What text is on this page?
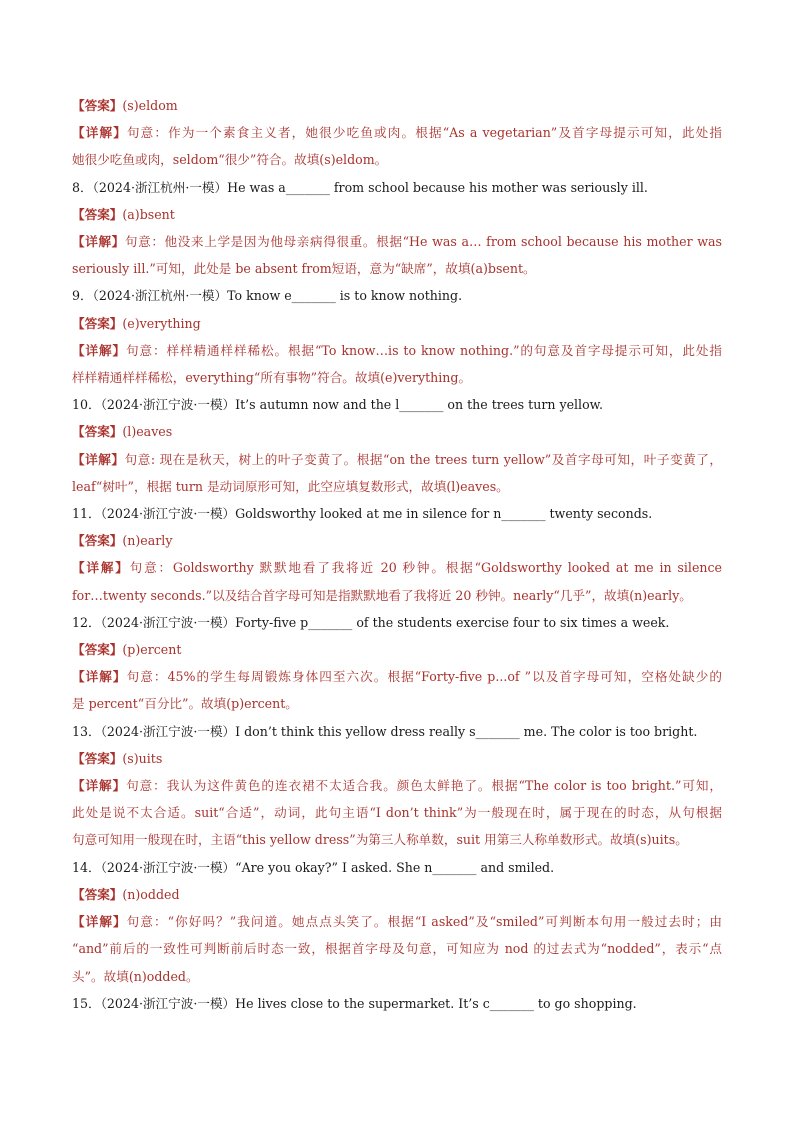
【答案】(s)eldom
【详解】句意：作为一个素食主义者，她很少吃鱼或肉。根据“As a vegetarian”及首字母提示可知，此处指
她很少吃鱼或肉，seldom“很少”符合。故填(s)eldom。
8．（2024·浙江杭州·一模）He was a_______ from school because his mother was seriously ill.
【答案】(a)bsent
【详解】句意：他没来上学是因为他母亲病得很重。根据“He was a… from school because his mother was
seriously ill.”可知，此处是 be absent from短语，意为“缺席”，故填(a)bsent。
9．（2024·浙江杭州·一模）To know e_______ is to know nothing.
【答案】(e)verything
【详解】句意：样样精通样样稀松。根据“To know…is to know nothing.”的句意及首字母提示可知，此处指
样样精通样样稀松，everything“所有事物”符合。故填(e)verything。
10．（2024·浙江宁波·一模）It’s autumn now and the l_______ on the trees turn yellow.
【答案】(l)eaves
【详解】句意: 现在是秋天，树上的叶子变黄了。根据“on the trees turn yellow”及首字母可知，叶子变黄了，
leaf“树叶”，根据 turn 是动词原形可知，此空应填复数形式，故填(l)eaves。
11．（2024·浙江宁波·一模）Goldsworthy looked at me in silence for n_______ twenty seconds.
【答案】(n)early
【详解】句意：Goldsworthy 默默地看了我将近 20 秒钟。根据“Goldsworthy looked at me in silence
for…twenty seconds.”以及结合首字母可知是指默默地看了我将近 20 秒钟。nearly“几乎”，故填(n)early。
12．（2024·浙江宁波·一模）Forty-five p_______ of the students exercise four to six times a week.
【答案】(p)ercent
【详解】句意：45%的学生每周锻炼身体四至六次。根据“Forty-five p...of ”以及首字母可知，空格处缺少的
是 percent“百分比”。故填(p)ercent。
13．（2024·浙江宁波·一模）I don’t think this yellow dress really s_______ me. The color is too bright.
【答案】(s)uits
【详解】句意：我认为这件黄色的连衣裙不太适合我。颜色太鲜艳了。根据“The color is too bright.”可知，
此处是说不太合适。suit“合适”，动词，此句主语“I don’t think”为一般现在时，属于现在的时态，从句根据
句意可知用一般现在时，主语“this yellow dress”为第三人称单数，suit 用第三人称单数形式。故填(s)uits。
14．（2024·浙江宁波·一模）“Are you okay?” I asked. She n_______ and smiled.
【答案】(n)odded
【详解】句意：“你好吗？”我问道。她点点头笑了。根据“I asked”及“smiled”可判断本句用一般过去时；由
“and”前后的一致性可判断前后时态一致，根据首字母及句意，可知应为 nod 的过去式为“nodded”，表示“点
头”。故填(n)odded。
15．（2024·浙江宁波·一模）He lives close to the supermarket. It’s c_______ to go shopping.
